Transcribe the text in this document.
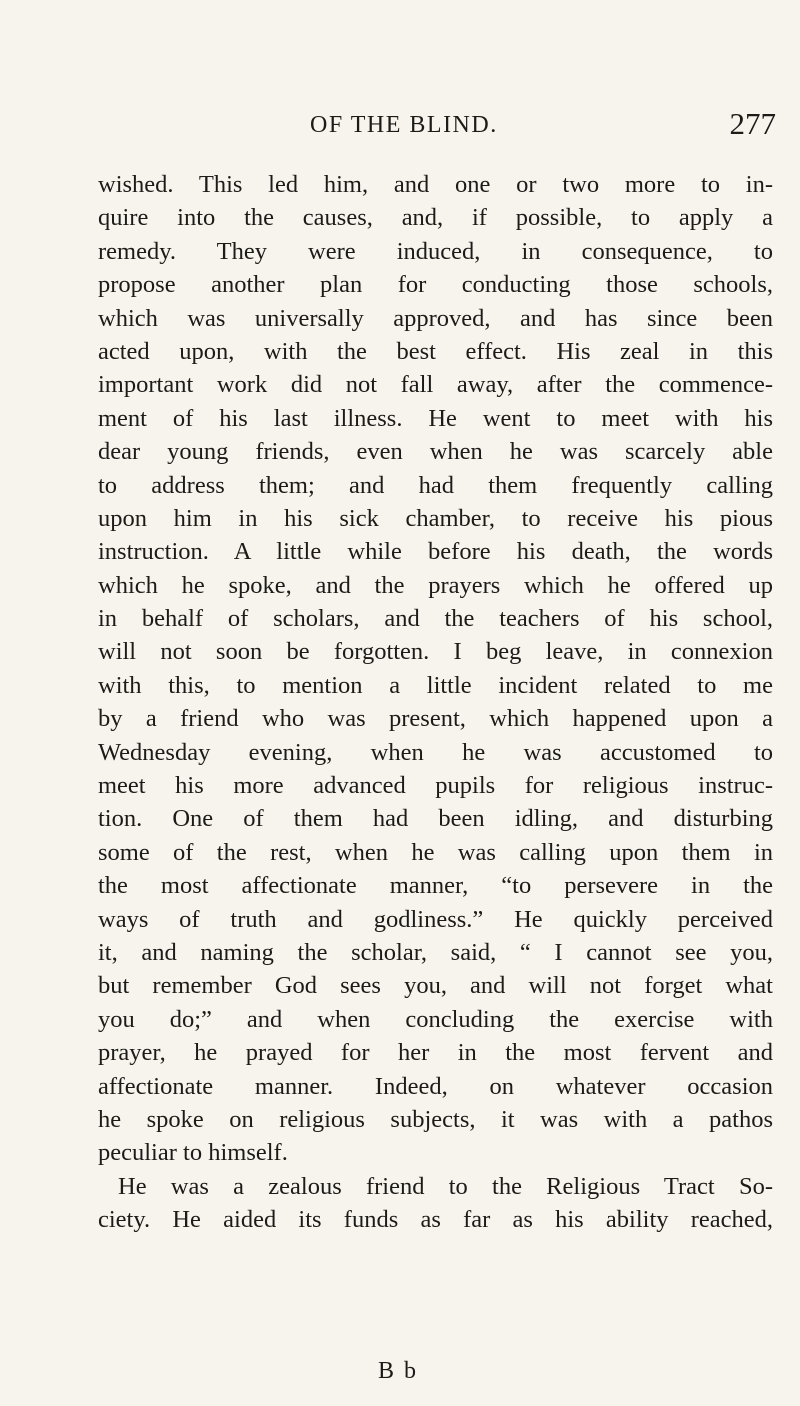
OF THE BLIND.	277
wished. This led him, and one or two more to in-
quire into the causes, and, if possible, to apply a
remedy. They were induced, in consequence, to
propose another plan for conducting those schools,
which was universally approved, and has since been
acted upon, with the best effect. His zeal in this
important work did not fall away, after the commence-
ment of his last illness. He went to meet with his
dear young friends, even when he was scarcely able
to address them; and had them frequently calling
upon him in his sick chamber, to receive his pious
instruction. A little while before his death, the words
which he spoke, and the prayers which he offered up
in behalf of scholars, and the teachers of his school,
will not soon be forgotten. I beg leave, in connexion
with this, to mention a little incident related to me
by a friend who was present, which happened upon a
Wednesday evening, when he was accustomed to
meet his more advanced pupils for religious instruc-
tion. One of them had been idling, and disturbing
some of the rest, when he was calling upon them in
the most affectionate manner, “to persevere in the
ways of truth and godliness.” He quickly perceived
it, and naming the scholar, said, “ I cannot see you,
but remember God sees you, and will not forget what
you do;” and when concluding the exercise with
prayer, he prayed for her in the most fervent and
affectionate manner. Indeed, on whatever occasion
he spoke on religious subjects, it was with a pathos
peculiar to himself.
He was a zealous friend to the Religious Tract So-
ciety. He aided its funds as far as his ability reached,
B b
